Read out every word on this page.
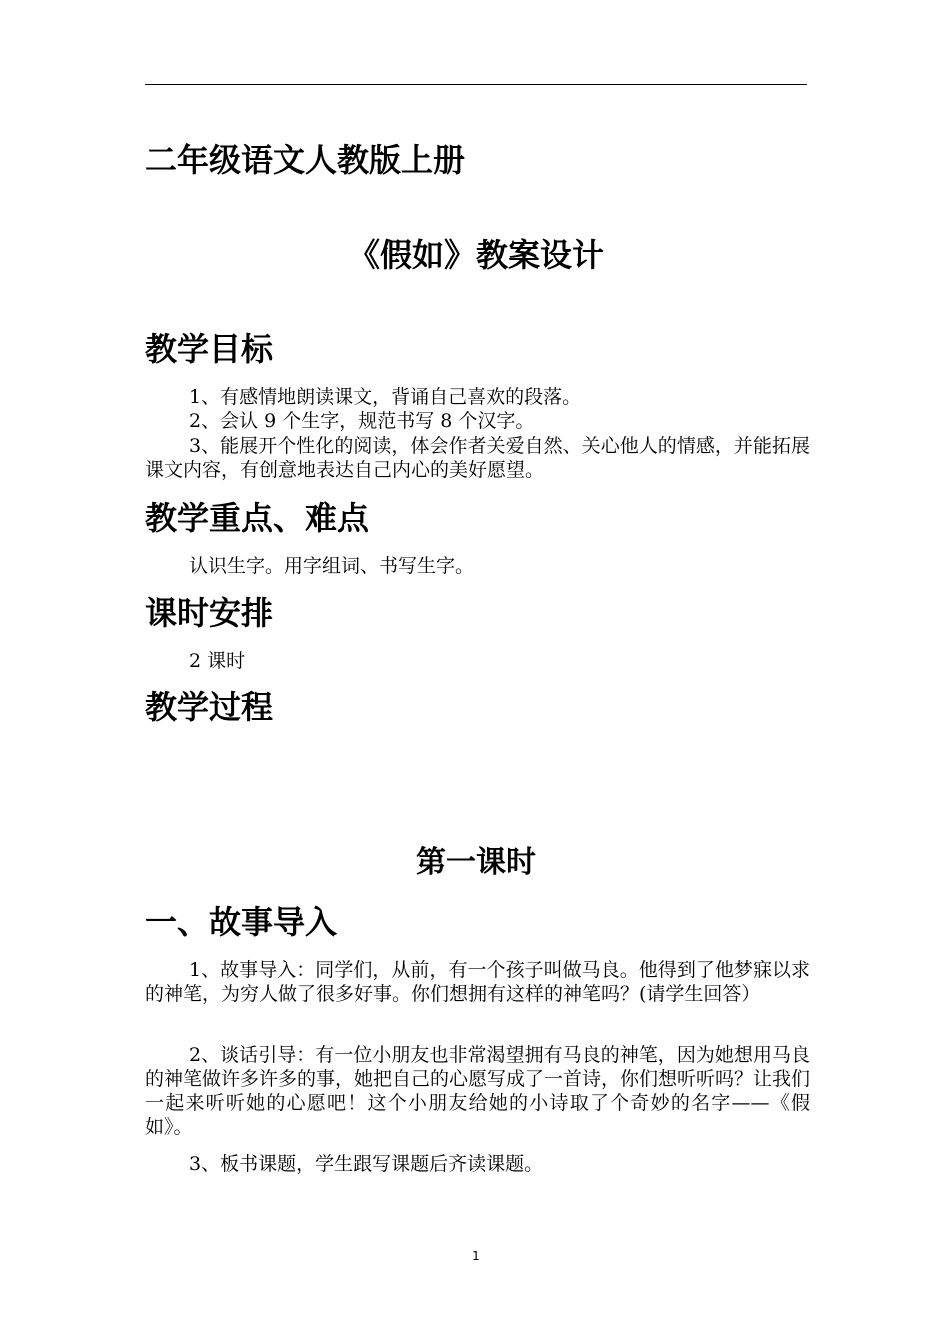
二年级语文人教版上册
《假如》教案设计
教学目标

1、有感情地朗读课文，背诵自己喜欢的段落。

2、会认 9 个生字，规范书写 8 个汉字。

3、能展开个性化的阅读，体会作者关爱自然、关心他人的情感，并能拓展课文内容，有创意地表达自己内心的美好愿望。

教学重点、难点

认识生字。用字组词、书写生字。

课时安排

2 课时

教学过程
第一课时
一、故事导入

1、故事导入：同学们，从前，有一个孩子叫做马良。他得到了他梦寐以求的神笔，为穷人做了很多好事。你们想拥有这样的神笔吗？(请学生回答）

2、谈话引导：有一位小朋友也非常渴望拥有马良的神笔，因为她想用马良的神笔做许多许多的事，她把自己的心愿写成了一首诗，你们想听听吗？让我们一起来听听她的心愿吧！这个小朋友给她的小诗取了个奇妙的名字——《假如》。

3、板书课题，学生跟写课题后齐读课题。

1
